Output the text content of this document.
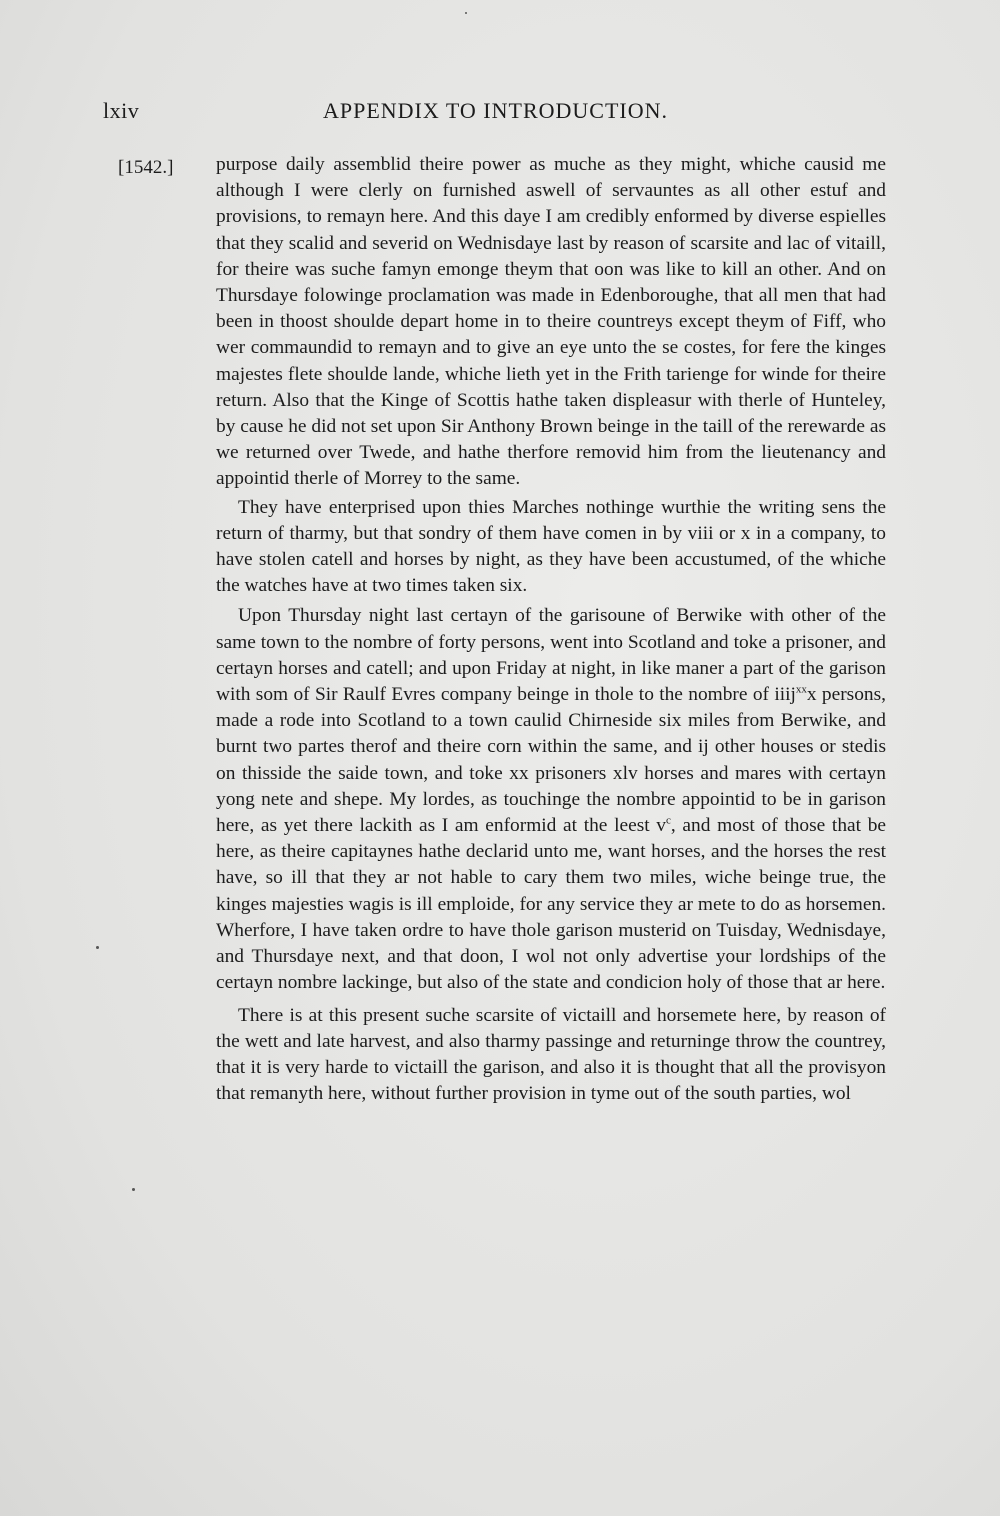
lxiv	APPENDIX TO INTRODUCTION.
[1542.] purpose daily assemblid theire power as muche as they might, whiche causid me although I were clerly on furnished aswell of servauntes as all other estuf and provisions, to remayn here. And this daye I am credibly enformed by diverse espielles that they scalid and severid on Wednisdaye last by reason of scarsite and lac of vitaill, for theire was suche famyn emonge theym that oon was like to kill an other. And on Thursdaye folowinge proclamation was made in Edenboroughe, that all men that had been in thoost shoulde depart home in to theire countreys except theym of Fiff, who wer commaundid to remayn and to give an eye unto the se costes, for fere the kinges majestes flete shoulde lande, whiche lieth yet in the Frith tarienge for winde for theire return. Also that the Kinge of Scottis hathe taken displeasur with therle of Hunteley, by cause he did not set upon Sir Anthony Brown beinge in the taill of the rerewarde as we returned over Twede, and hathe therfore removid him from the lieutenancy and appointid therle of Morrey to the same.

They have enterprised upon thies Marches nothinge wurthie the writing sens the return of tharmy, but that sondry of them have comen in by viii or x in a company, to have stolen catell and horses by night, as they have been accustumed, of the whiche the watches have at two times taken six.

Upon Thursday night last certayn of the garisoune of Berwike with other of the same town to the nombre of forty persons, went into Scotland and toke a prisoner, and certayn horses and catell; and upon Friday at night, in like maner a part of the garison with som of Sir Raulf Evres company beinge in thole to the nombre of iiij$^{xx}$x persons, made a rode into Scotland to a town caulid Chirneside six miles from Berwike, and burnt two partes therof and theire corn within the same, and ij other houses or stedis on thisside the saide town, and toke xx prisoners xlv horses and mares with certayn yong nete and shepe. My lordes, as touchinge the nombre appointid to be in garison here, as yet there lackith as I am enformid at the leest $v^c$, and most of those that be here, as theire capitaynes hathe declarid unto me, want horses, and the horses the rest have, so ill that they ar not hable to cary them two miles, wiche beinge true, the kinges majesties wagis is ill emploide, for any service they ar mete to do as horsemen. Wherfore, I have taken ordre to have thole garison musterid on Tuisday, Wednisdaye, and Thursdaye next, and that doon, I wol not only advertise your lordships of the certayn nombre lackinge, but also of the state and condicion holy of those that ar here.

There is at this present suche scarsite of victaill and horsemete here, by reason of the wett and late harvest, and also tharmy passinge and returninge throw the countrey, that it is very harde to victaill the garison, and also it is thought that all the provisyon that remanyth here, without further provision in tyme out of the south parties, wol
